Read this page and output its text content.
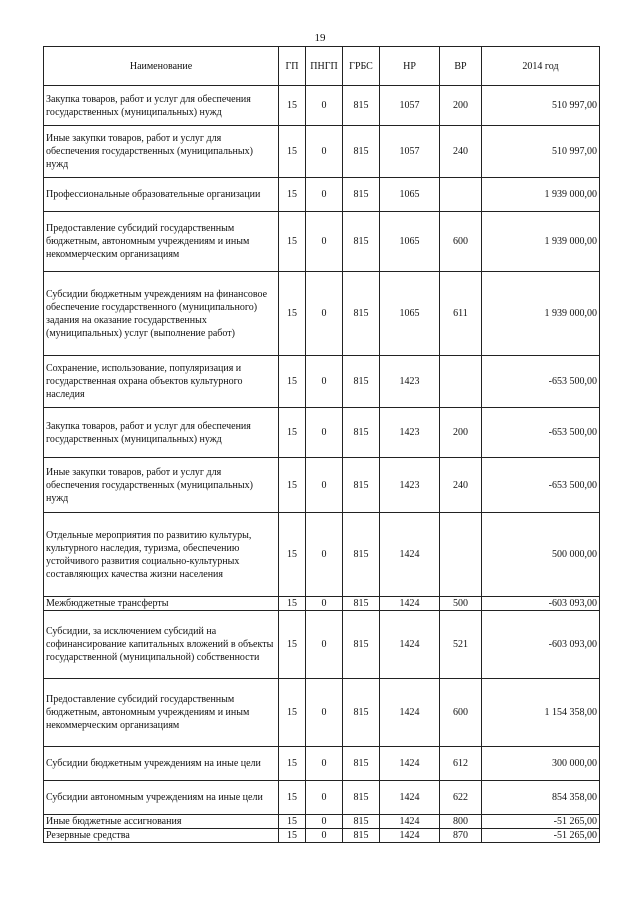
19
Наименование	ГП	ПНГП	ГРБС	НР	ВР	2014 год
Закупка товаров, работ и услуг для обеспечения государственных (муниципальных) нужд	15	0	815	1057	200	510 997,00
Иные закупки товаров, работ и услуг для обеспечения государственных (муниципальных) нужд	15	0	815	1057	240	510 997,00
Профессиональные образовательные организации	15	0	815	1065		1 939 000,00
Предоставление субсидий государственным бюджетным, автономным учреждениям и иным некоммерческим организациям	15	0	815	1065	600	1 939 000,00
Субсидии бюджетным учреждениям на финансовое обеспечение государственного (муниципального) задания на оказание государственных (муниципальных) услуг (выполнение работ)	15	0	815	1065	611	1 939 000,00
Сохранение, использование, популяризация и государственная охрана объектов культурного наследия	15	0	815	1423		-653 500,00
Закупка товаров, работ и услуг для обеспечения государственных (муниципальных) нужд	15	0	815	1423	200	-653 500,00
Иные закупки товаров, работ и услуг для обеспечения государственных (муниципальных) нужд	15	0	815	1423	240	-653 500,00
Отдельные мероприятия по развитию культуры, культурного наследия, туризма, обеспечению устойчивого развития социально-культурных составляющих качества жизни населения	15	0	815	1424		500 000,00
Межбюджетные трансферты	15	0	815	1424	500	-603 093,00
Субсидии, за исключением субсидий на софинансирование капитальных вложений в объекты государственной (муниципальной) собственности	15	0	815	1424	521	-603 093,00
Предоставление субсидий государственным бюджетным, автономным учреждениям и иным некоммерческим организациям	15	0	815	1424	600	1 154 358,00
Субсидии бюджетным учреждениям на иные цели	15	0	815	1424	612	300 000,00
Субсидии автономным учреждениям на иные цели	15	0	815	1424	622	854 358,00
Иные бюджетные ассигнования	15	0	815	1424	800	-51 265,00
Резервные средства	15	0	815	1424	870	-51 265,00
